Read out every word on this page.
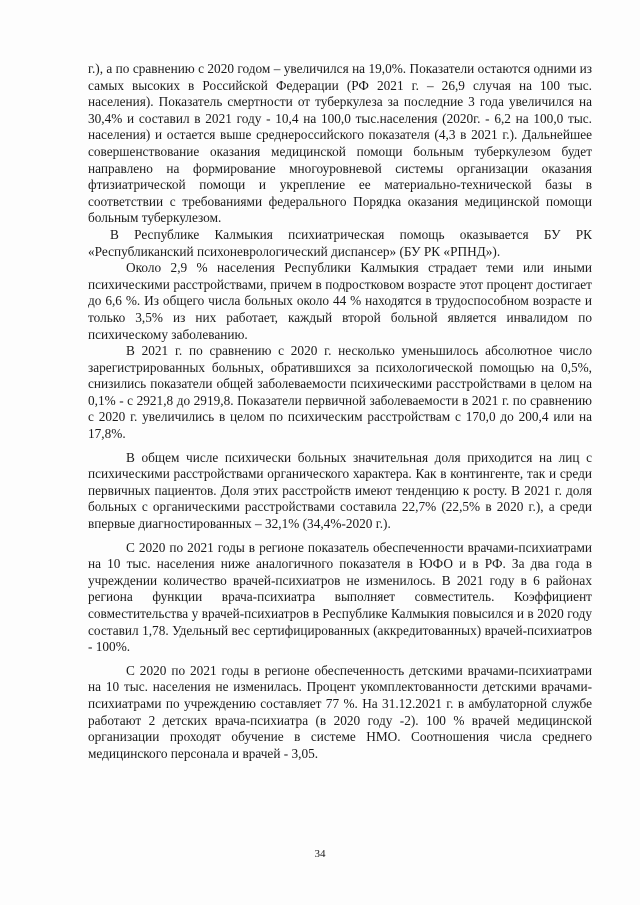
г.), а по сравнению с 2020 годом – увеличился на 19,0%. Показатели остаются одними из самых высоких в Российской Федерации (РФ 2021 г. – 26,9 случая на 100 тыс. населения). Показатель смертности от туберкулеза за последние 3 года увеличился на 30,4% и составил в 2021 году - 10,4 на 100,0 тыс.населения (2020г. - 6,2 на 100,0 тыс. населения) и остается выше среднероссийского показателя (4,3 в 2021 г.). Дальнейшее совершенствование оказания медицинской помощи больным туберкулезом будет направлено на формирование многоуровневой системы организации оказания фтизиатрической помощи и укрепление ее материально-технической базы в соответствии с требованиями федерального Порядка оказания медицинской помощи больным туберкулезом.

В Республике Калмыкия психиатрическая помощь оказывается БУ РК «Республиканский психоневрологический диспансер» (БУ РК «РПНД»).

Около 2,9 % населения Республики Калмыкия страдает теми или иными психическими расстройствами, причем в подростковом возрасте этот процент достигает до 6,6 %. Из общего числа больных около 44 % находятся в трудоспособном возрасте и только 3,5% из них работает, каждый второй больной является инвалидом по психическому заболеванию.

В 2021 г. по сравнению с 2020 г. несколько уменьшилось абсолютное число зарегистрированных больных, обратившихся за психологической помощью на 0,5%, снизились показатели общей заболеваемости психическими расстройствами в целом на 0,1% - с 2921,8 до 2919,8. Показатели первичной заболеваемости в 2021 г. по сравнению с 2020 г. увеличились в целом по психическим расстройствам с 170,0 до 200,4 или на 17,8%.

В общем числе психически больных значительная доля приходится на лиц с психическими расстройствами органического характера. Как в контингенте, так и среди первичных пациентов. Доля этих расстройств имеют тенденцию к росту. В 2021 г. доля больных с органическими расстройствами составила 22,7% (22,5% в 2020 г.), а среди впервые диагностированных – 32,1% (34,4%-2020 г.).

С 2020 по 2021 годы в регионе показатель обеспеченности врачами-психиатрами на 10 тыс. населения ниже аналогичного показателя в ЮФО и в РФ. За два года в учреждении количество врачей-психиатров не изменилось. В 2021 году в 6 районах региона функции врача-психиатра выполняет совместитель. Коэффициент совместительства у врачей-психиатров в Республике Калмыкия повысился и в 2020 году составил 1,78. Удельный вес сертифицированных (аккредитованных) врачей-психиатров - 100%.

С 2020 по 2021 годы в регионе обеспеченность детскими врачами-психиатрами на 10 тыс. населения не изменилась. Процент укомплектованности детскими врачами-психиатрами по учреждению составляет 77 %. На 31.12.2021 г. в амбулаторной службе работают 2 детских врача-психиатра (в 2020 году -2). 100 % врачей медицинской организации проходят обучение в системе НМО. Соотношения числа среднего медицинского персонала и врачей - 3,05.

34
